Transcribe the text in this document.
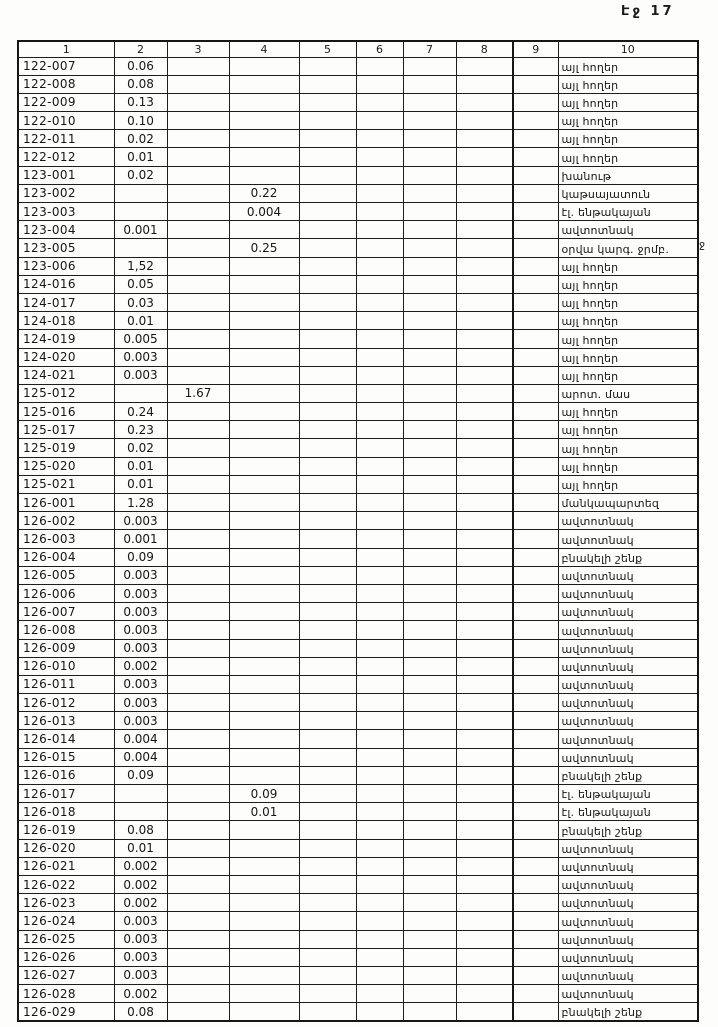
Էջ 17
1	2	3	4	5	6	7	8	9	10
122-007	0.06								այլ հողեր
122-008	0.08								այլ հողեր
122-009	0.13								այլ հողեր
122-010	0.10								այլ հողեր
122-011	0.02								այլ հողեր
122-012	0.01								այլ հողեր
123-001	0.02								խանութ
123-002			0.22						կաթսայատուն
123-003			0.004						էլ. ենթակայան
123-004	0.001								ավտոտնակ
123-005			0.25						օրվա կարգ. ջրմբ.
123-006	1,52								այլ հողեր
124-016	0.05								այլ հողեր
124-017	0.03								այլ հողեր
124-018	0.01								այլ հողեր
124-019	0.005								այլ հողեր
124-020	0.003								այլ հողեր
124-021	0.003								այլ հողեր
125-012		1.67							արոտ. մաս
125-016	0.24								այլ հողեր
125-017	0.23								այլ հողեր
125-019	0.02								այլ հողեր
125-020	0.01								այլ հողեր
125-021	0.01								այլ հողեր
126-001	1.28								մանկապարտեզ
126-002	0.003								ավտոտնակ
126-003	0.001								ավտոտնակ
126-004	0.09								բնակելի շենք
126-005	0.003								ավտոտնակ
126-006	0.003								ավտոտնակ
126-007	0.003								ավտոտնակ
126-008	0.003								ավտոտնակ
126-009	0.003								ավտոտնակ
126-010	0.002								ավտոտնակ
126-011	0.003								ավտոտնակ
126-012	0.003								ավտոտնակ
126-013	0.003								ավտոտնակ
126-014	0.004								ավտոտնակ
126-015	0.004								ավտոտնակ
126-016	0.09								բնակելի շենք
126-017			0.09						էլ. ենթակայան
126-018			0.01						էլ. ենթակայան
126-019	0.08								բնակելի շենք
126-020	0.01								ավտոտնակ
126-021	0.002								ավտոտնակ
126-022	0.002								ավտոտնակ
126-023	0.002								ավտոտնակ
126-024	0.003								ավտոտնակ
126-025	0.003								ավտոտնակ
126-026	0.003								ավտոտնակ
126-027	0.003								ավտոտնակ
126-028	0.002								ավտոտնակ
126-029	0.08								բնակելի շենք
ջ
